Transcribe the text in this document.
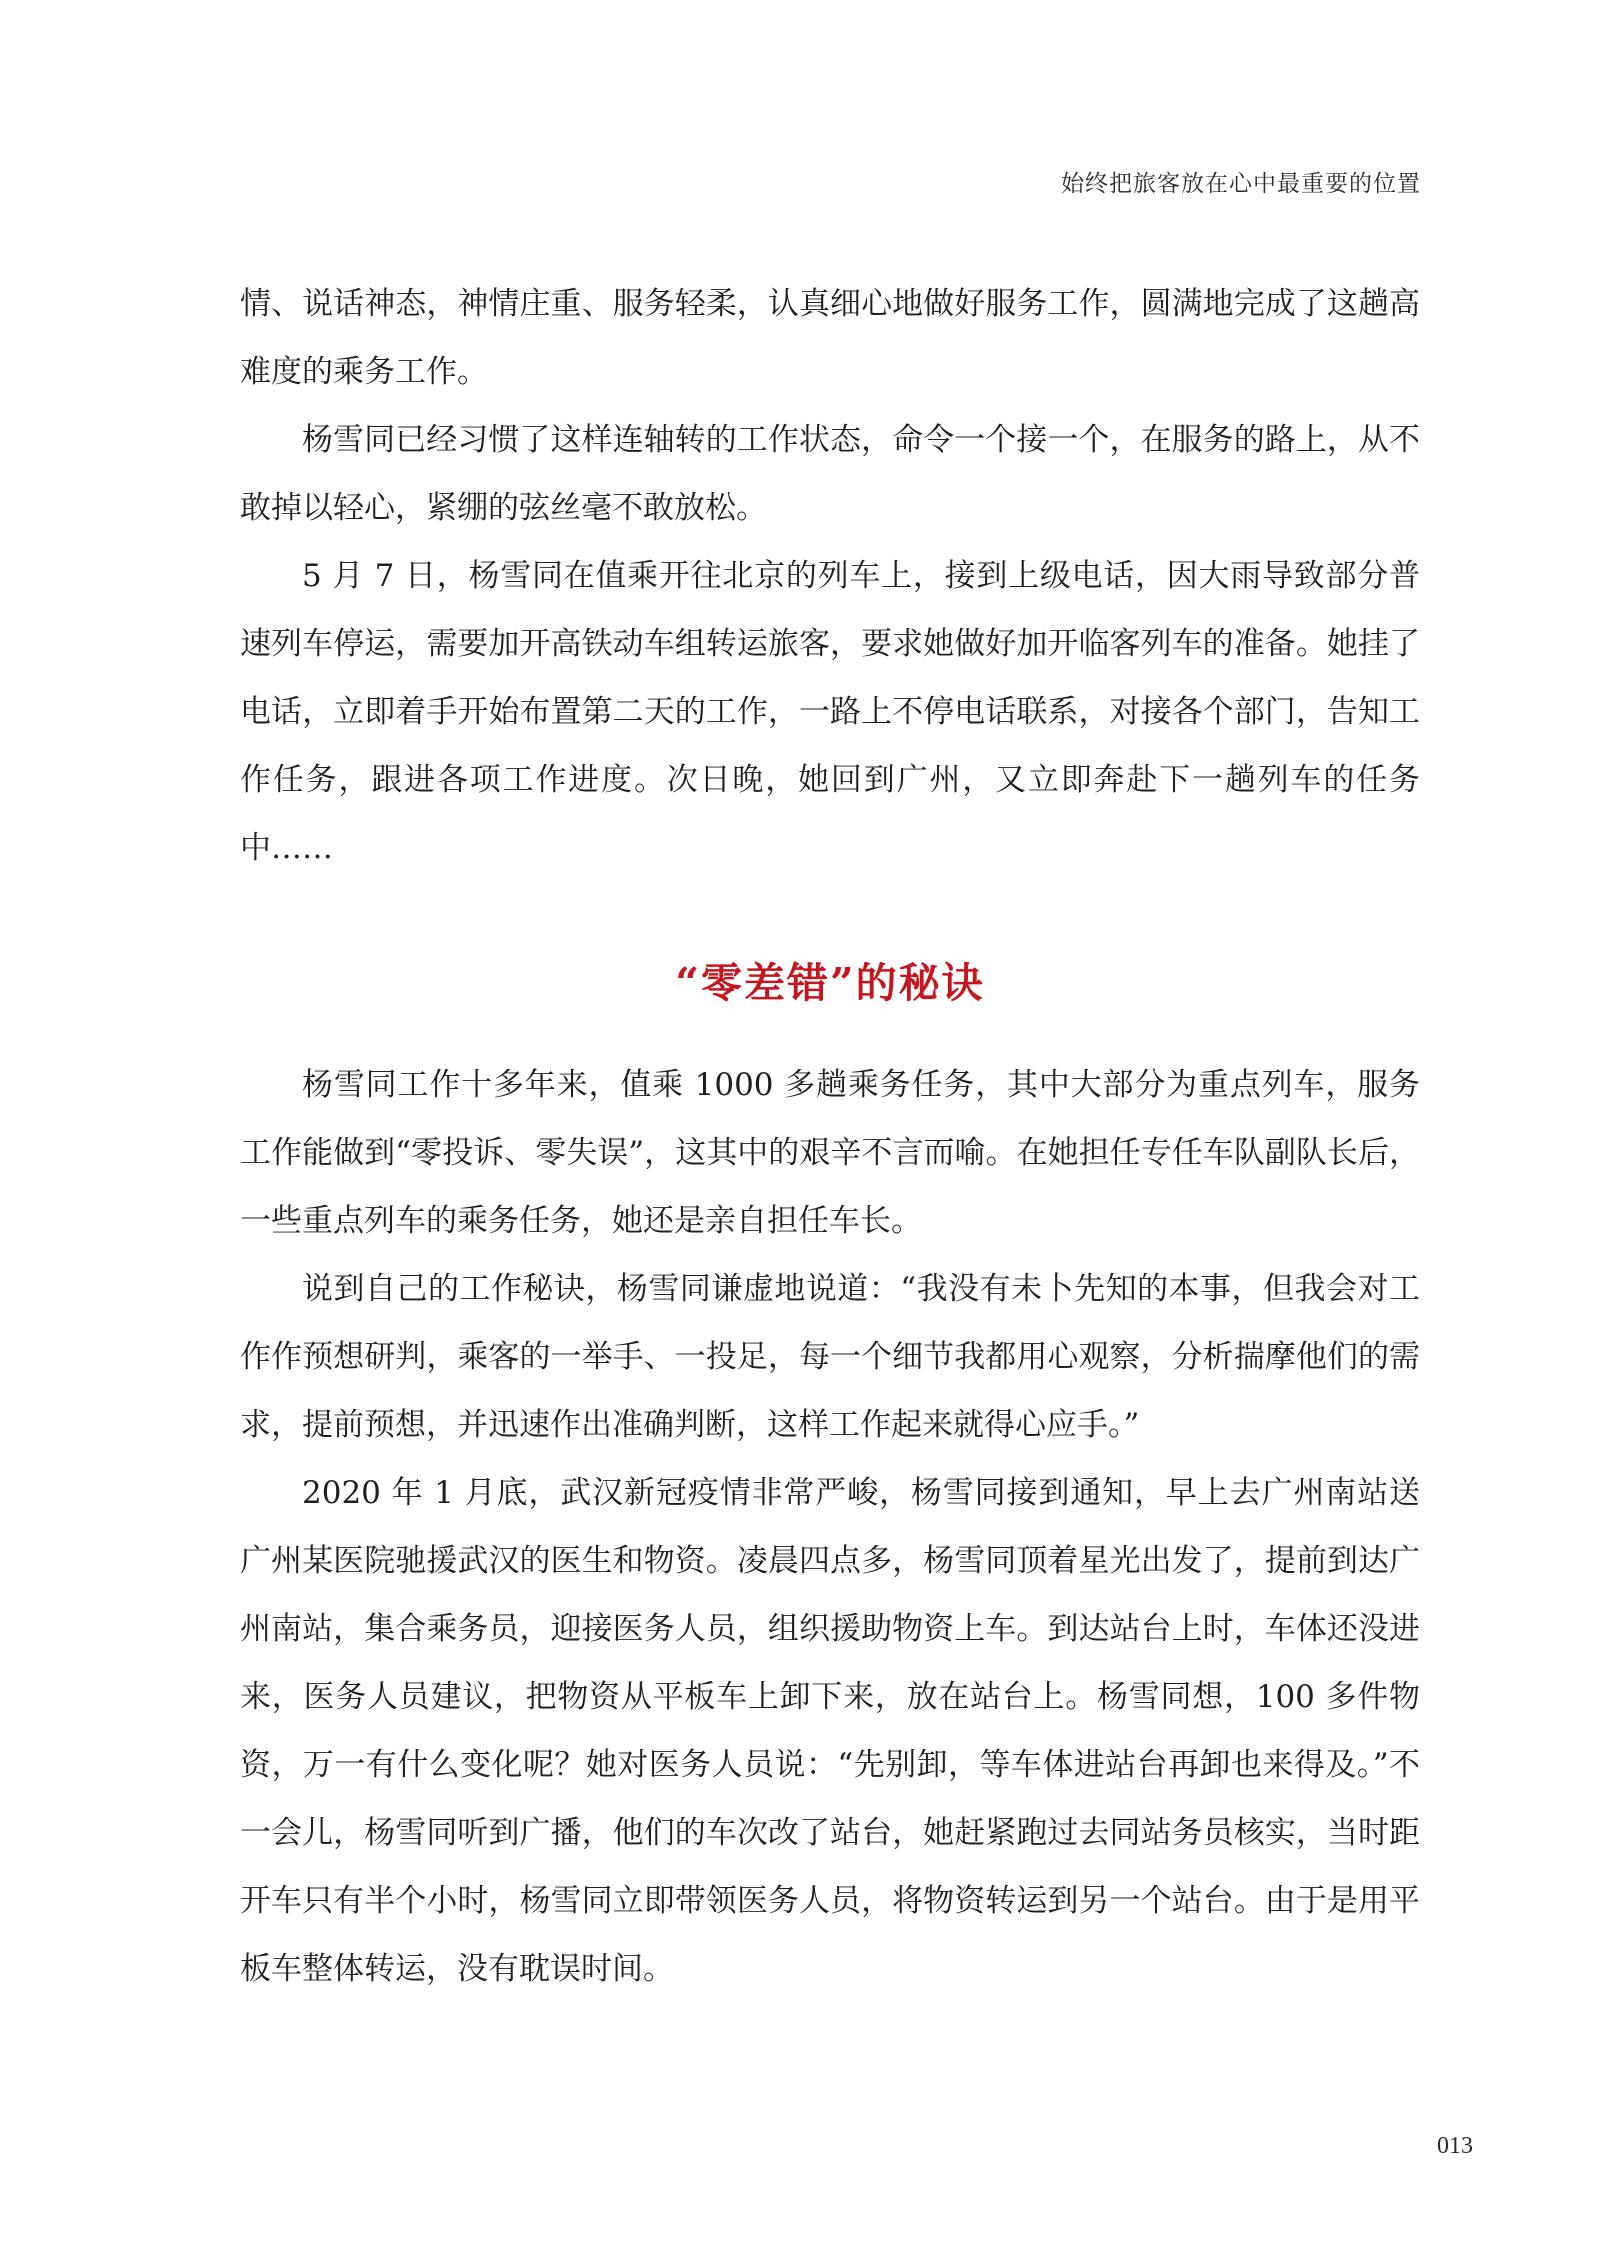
始终把旅客放在心中最重要的位置

情、说话神态，神情庄重、服务轻柔，认真细心地做好服务工作，圆满地完成了这趟高难度的乘务工作。

杨雪同已经习惯了这样连轴转的工作状态，命令一个接一个，在服务的路上，从不敢掉以轻心，紧绷的弦丝毫不敢放松。

5 月 7 日，杨雪同在值乘开往北京的列车上，接到上级电话，因大雨导致部分普速列车停运，需要加开高铁动车组转运旅客，要求她做好加开临客列车的准备。她挂了电话，立即着手开始布置第二天的工作，一路上不停电话联系，对接各个部门，告知工作任务，跟进各项工作进度。次日晚，她回到广州，又立即奔赴下一趟列车的任务中……

“零差错”的秘诀

杨雪同工作十多年来，值乘 1000 多趟乘务任务，其中大部分为重点列车，服务工作能做到“零投诉、零失误”，这其中的艰辛不言而喻。在她担任专任车队副队长后，一些重点列车的乘务任务，她还是亲自担任车长。

说到自己的工作秘诀，杨雪同谦虚地说道：“我没有未卜先知的本事，但我会对工作作预想研判，乘客的一举手、一投足，每一个细节我都用心观察，分析揣摩他们的需求，提前预想，并迅速作出准确判断，这样工作起来就得心应手。”

2020 年 1 月底，武汉新冠疫情非常严峻，杨雪同接到通知，早上去广州南站送广州某医院驰援武汉的医生和物资。凌晨四点多，杨雪同顶着星光出发了，提前到达广州南站，集合乘务员，迎接医务人员，组织援助物资上车。到达站台上时，车体还没进来，医务人员建议，把物资从平板车上卸下来，放在站台上。杨雪同想，100 多件物资，万一有什么变化呢？她对医务人员说：“先别卸，等车体进站台再卸也来得及。”不一会儿，杨雪同听到广播，他们的车次改了站台，她赶紧跑过去同站务员核实，当时距开车只有半个小时，杨雪同立即带领医务人员，将物资转运到另一个站台。由于是用平板车整体转运，没有耽误时间。

013
